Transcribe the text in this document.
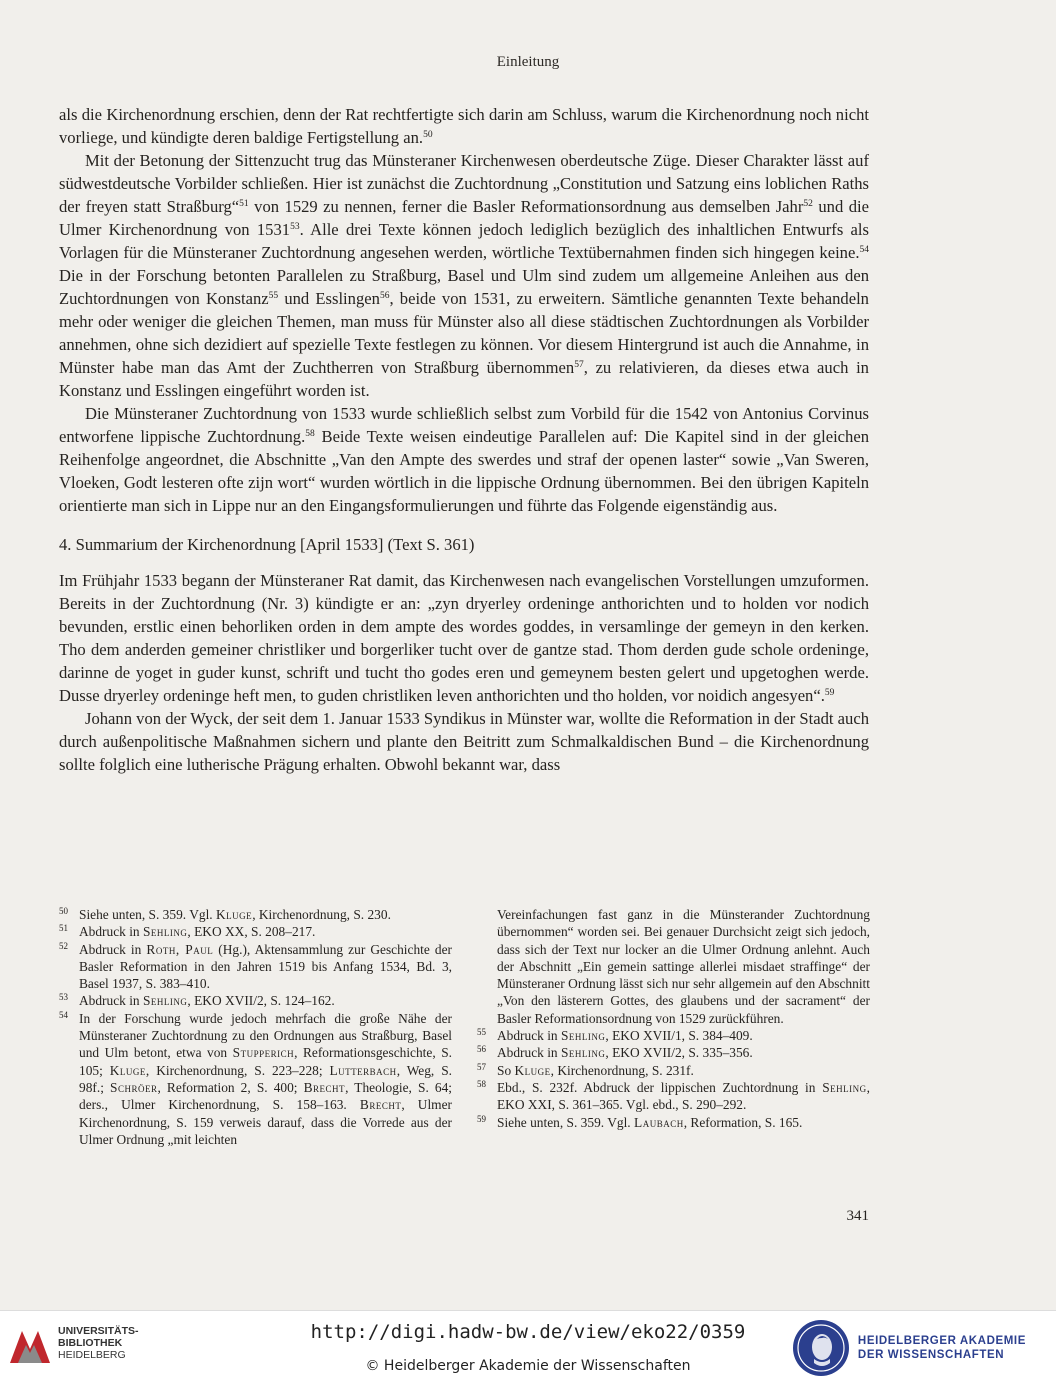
Einleitung

als die Kirchenordnung erschien, denn der Rat rechtfertigte sich darin am Schluss, warum die Kirchenordnung noch nicht vorliege, und kündigte deren baldige Fertigstellung an.$^{50}$

Mit der Betonung der Sittenzucht trug das Münsteraner Kirchenwesen oberdeutsche Züge. Dieser Charakter lässt auf südwestdeutsche Vorbilder schließen. Hier ist zunächst die Zuchtordnung „Constitution und Satzung eins loblichen Raths der freyen statt Straßburg“$^{51}$ von 1529 zu nennen, ferner die Basler Reformationsordnung aus demselben Jahr$^{52}$ und die Ulmer Kirchenordnung von 1531$^{53}$. Alle drei Texte können jedoch lediglich bezüglich des inhaltlichen Entwurfs als Vorlagen für die Münsteraner Zuchtordnung angesehen werden, wörtliche Textübernahmen finden sich hingegen keine.$^{54}$ Die in der Forschung betonten Parallelen zu Straßburg, Basel und Ulm sind zudem um allgemeine Anleihen aus den Zuchtordnungen von Konstanz$^{55}$ und Esslingen$^{56}$, beide von 1531, zu erweitern. Sämtliche genannten Texte behandeln mehr oder weniger die gleichen Themen, man muss für Münster also all diese städtischen Zuchtordnungen als Vorbilder annehmen, ohne sich dezidiert auf spezielle Texte festlegen zu können. Vor diesem Hintergrund ist auch die Annahme, in Münster habe man das Amt der Zuchtherren von Straßburg übernommen$^{57}$, zu relativieren, da dieses etwa auch in Konstanz und Esslingen eingeführt worden ist.

Die Münsteraner Zuchtordnung von 1533 wurde schließlich selbst zum Vorbild für die 1542 von Antonius Corvinus entworfene lippische Zuchtordnung.$^{58}$ Beide Texte weisen eindeutige Parallelen auf: Die Kapitel sind in der gleichen Reihenfolge angeordnet, die Abschnitte „Van den Ampte des swerdes und straf der openen laster“ sowie „Van Sweren, Vloeken, Godt lesteren ofte zijn wort“ wurden wörtlich in die lippische Ordnung übernommen. Bei den übrigen Kapiteln orientierte man sich in Lippe nur an den Eingangsformulierungen und führte das Folgende eigenständig aus.

4. Summarium der Kirchenordnung [April 1533] (Text S. 361)

Im Frühjahr 1533 begann der Münsteraner Rat damit, das Kirchenwesen nach evangelischen Vorstellungen umzuformen. Bereits in der Zuchtordnung (Nr. 3) kündigte er an: „zyn dryerley ordeninge anthorichten und to holden vor nodich bevunden, erstlic einen behorliken orden in dem ampte des wordes goddes, in versamlinge der gemeyn in den kerken. Tho dem anderden gemeiner christliker und borgerliker tucht over de gantze stad. Thom derden gude schole ordeninge, darinne de yoget in guder kunst, schrift und tucht tho godes eren und gemeynem besten gelert und upgetoghen werde. Dusse dryerley ordeninge heft men, to guden christliken leven anthorichten und tho holden, vor noidich angesyen“.$^{59}$

Johann von der Wyck, der seit dem 1. Januar 1533 Syndikus in Münster war, wollte die Reformation in der Stadt auch durch außenpolitische Maßnahmen sichern und plante den Beitritt zum Schmalkaldischen Bund – die Kirchenordnung sollte folglich eine lutherische Prägung erhalten. Obwohl bekannt war, dass

50 Siehe unten, S. 359. Vgl. Kluge, Kirchenordnung, S. 230.
51 Abdruck in Sehling, EKO XX, S. 208–217.
52 Abdruck in Roth, Paul (Hg.), Aktensammlung zur Geschichte der Basler Reformation in den Jahren 1519 bis Anfang 1534, Bd. 3, Basel 1937, S. 383–410.
53 Abdruck in Sehling, EKO XVII/2, S. 124–162.
54 In der Forschung wurde jedoch mehrfach die große Nähe der Münsteraner Zuchtordnung zu den Ordnungen aus Straßburg, Basel und Ulm betont, etwa von Stupperich, Reformationsgeschichte, S. 105; Kluge, Kirchenordnung, S. 223–228; Lutterbach, Weg, S. 98f.; Schröer, Reformation 2, S. 400; Brecht, Theologie, S. 64; ders., Ulmer Kirchenordnung, S. 158–163. Brecht, Ulmer Kirchenordnung, S. 159 verweis darauf, dass die Vorrede aus der Ulmer Ordnung „mit leichten
Vereinfachungen fast ganz in die Münsterander Zuchtordnung übernommen“ worden sei. Bei genauer Durchsicht zeigt sich jedoch, dass sich der Text nur locker an die Ulmer Ordnung anlehnt. Auch der Abschnitt „Ein gemein sattinge allerlei misdaet straffinge“ der Münsteraner Ordnung lässt sich nur sehr allgemein auf den Abschnitt „Von den lästerern Gottes, des glaubens und der sacrament“ der Basler Reformationsordnung von 1529 zurückführen.
55 Abdruck in Sehling, EKO XVII/1, S. 384–409.
56 Abdruck in Sehling, EKO XVII/2, S. 335–356.
57 So Kluge, Kirchenordnung, S. 231f.
58 Ebd., S. 232f. Abdruck der lippischen Zuchtordnung in Sehling, EKO XXI, S. 361–365. Vgl. ebd., S. 290–292.
59 Siehe unten, S. 359. Vgl. Laubach, Reformation, S. 165.
341
UNIVERSITÄTS-
BIBLIOTHEK
HEIDELBERG
http://digi.hadw-bw.de/view/eko22/0359
© Heidelberger Akademie der Wissenschaften
HEIDELBERGER AKADEMIE
DER WISSENSCHAFTEN
